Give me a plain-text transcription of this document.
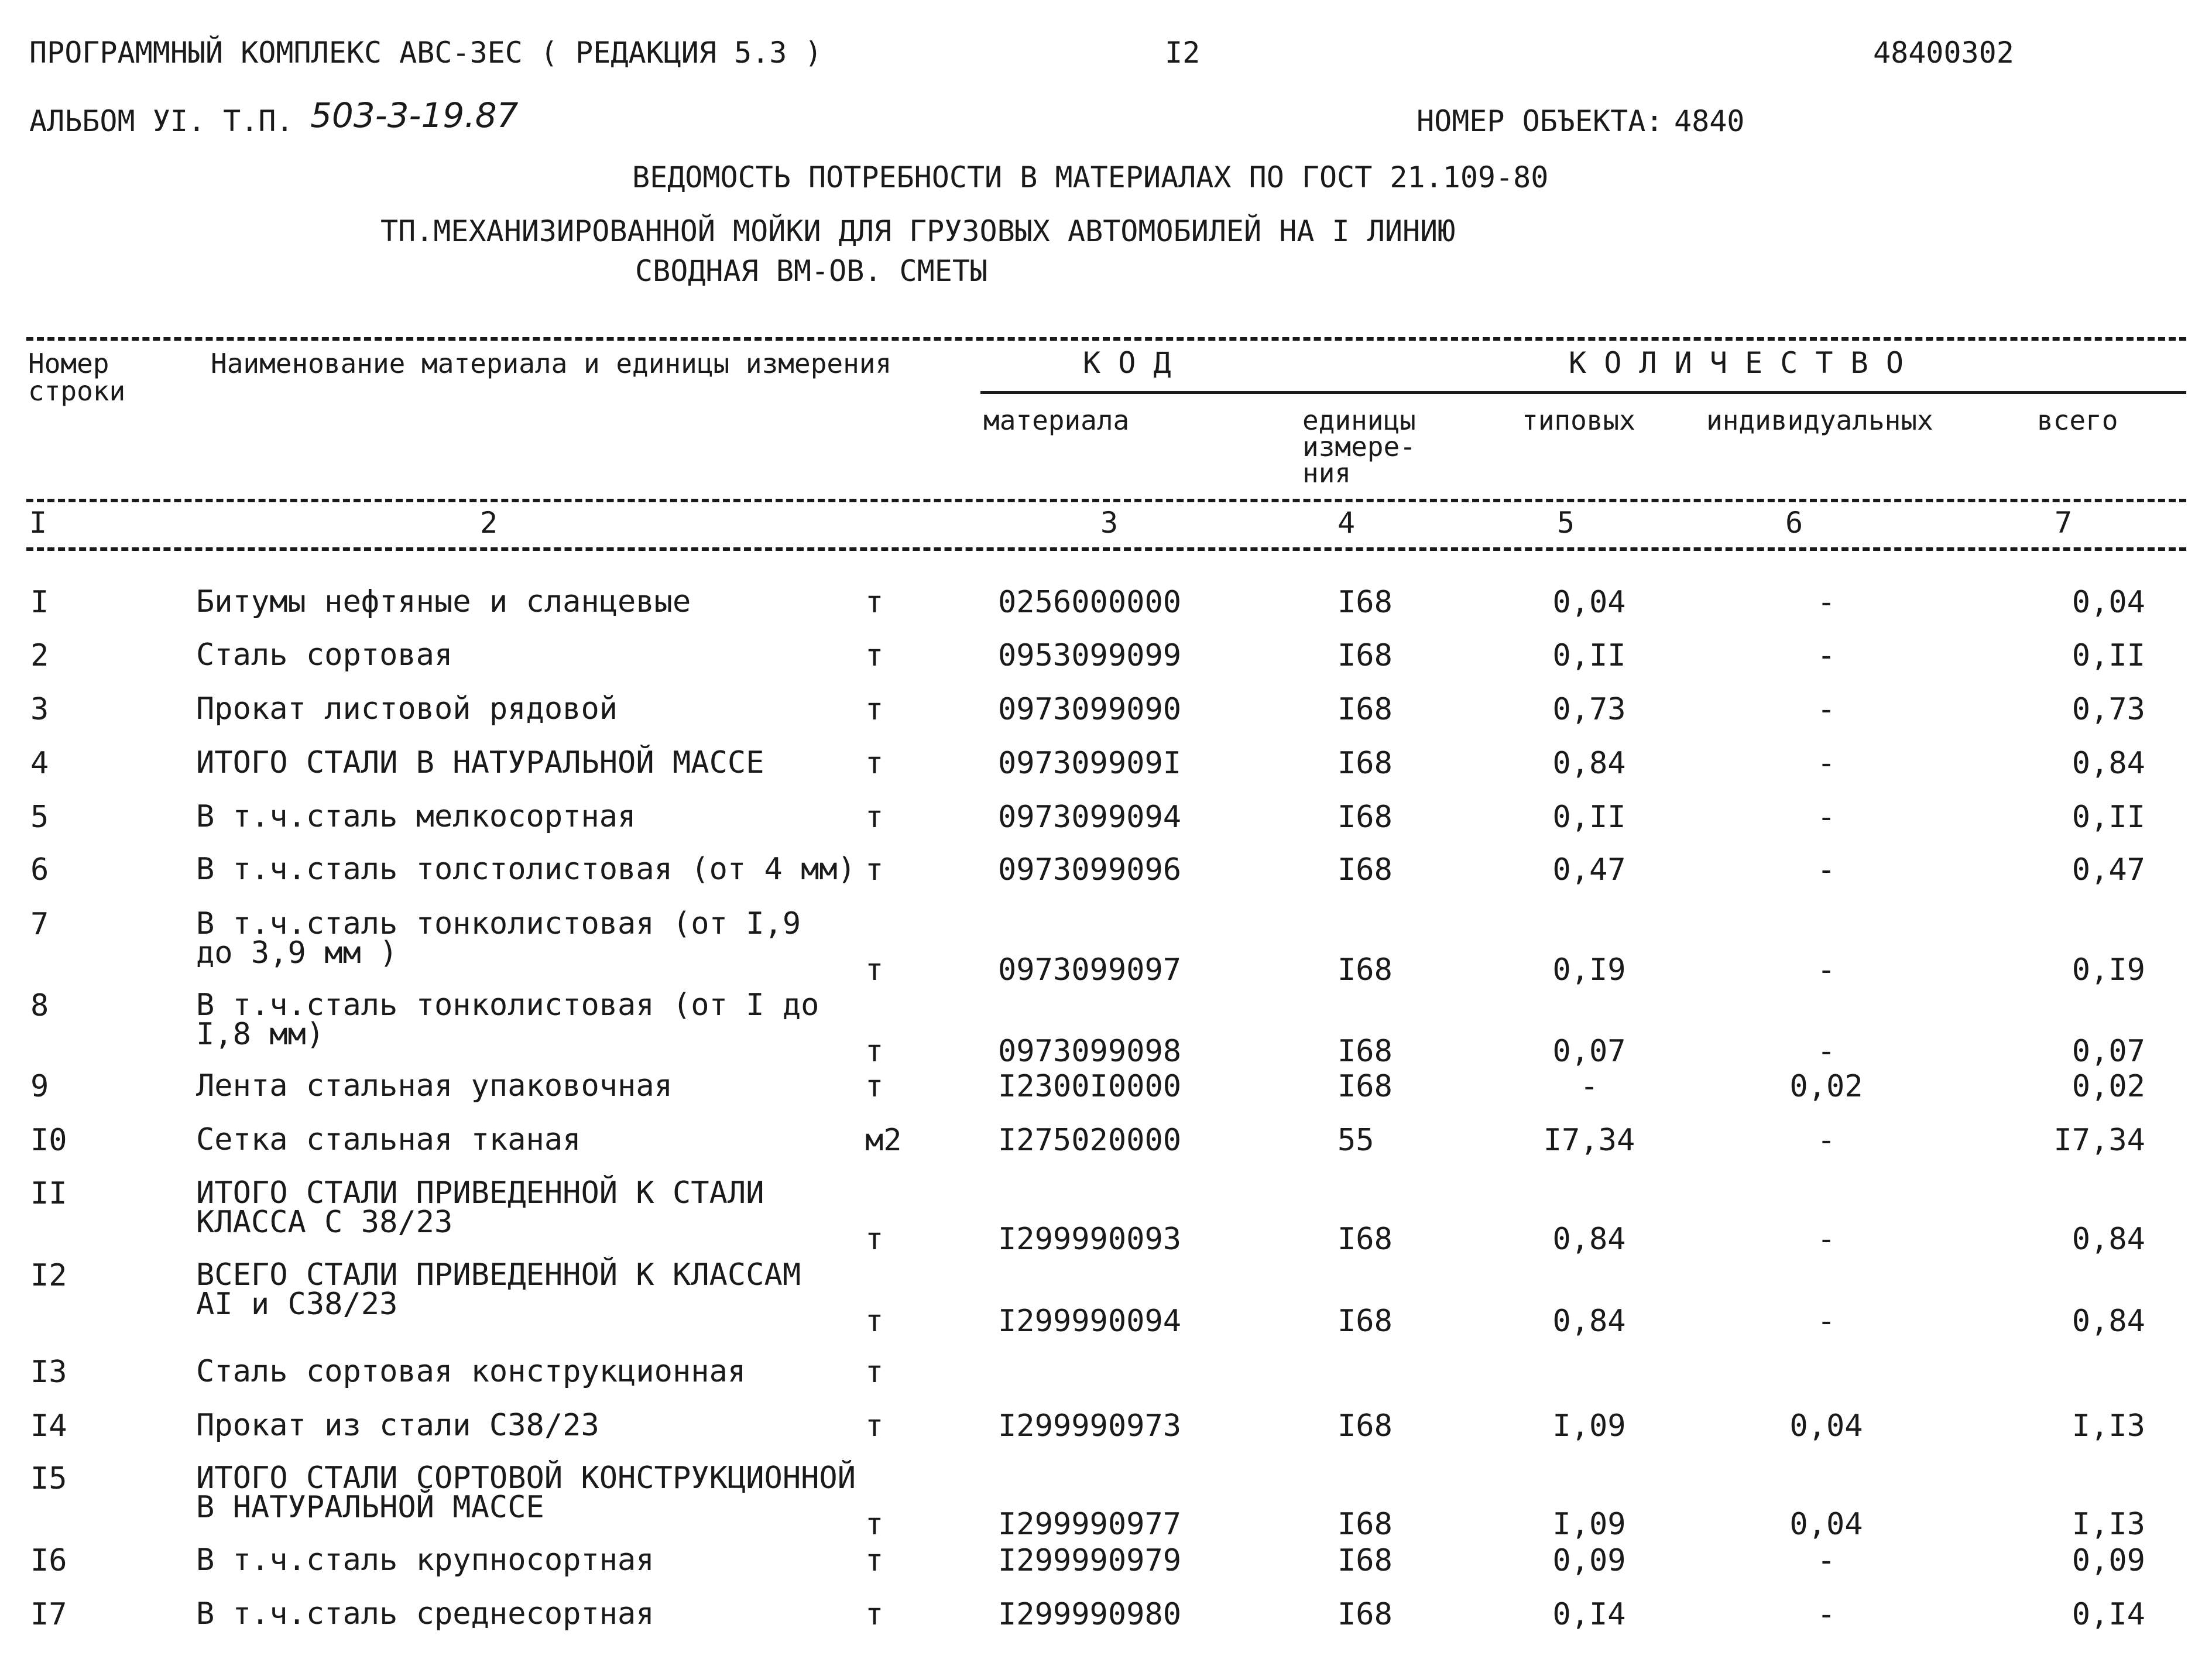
ПРОГРАММНЫЙ КОМПЛЕКС АВС-ЗЕС ( РЕДАКЦИЯ 5.3 )	I2	48400302
АЛЬБОМ УI. Т.П. 503-3-19.87	НОМЕР ОБЪЕКТА: 4840
ВЕДОМОСТЬ ПОТРЕБНОСТИ В МАТЕРИАЛАХ ПО ГОСТ 21.109-80
ТП.МЕХАНИЗИРОВАННОЙ МОЙКИ ДЛЯ ГРУЗОВЫХ АВТОМОБИЛЕЙ НА I ЛИНИЮ
СВОДНАЯ ВМ-ОВ. СМЕТЫ
Номер
строки
Наименование материала и единицы измерения	К О Д	К О Л И Ч Е С Т В О
материала	единицы
измере-
ния
типовых	индивидуальных	всего
I	2	3	4	5	6	7
I	Битумы нефтяные и сланцевые	т	0256000000	I68	0,04	-	0,04
2	Сталь сортовая	т	0953099099	I68	0,II	-	0,II
3	Прокат листовой рядовой	т	0973099090	I68	0,73	-	0,73
4	ИТОГО СТАЛИ В НАТУРАЛЬНОЙ МАССЕ	т	097309909I	I68	0,84	-	0,84
5	В т.ч.сталь мелкосортная	т	0973099094	I68	0,II	-	0,II
6	В т.ч.сталь толстолистовая (от 4 мм) т	0973099096	I68	0,47	-	0,47
7	В т.ч.сталь тонколистовая (от I,9
до 3,9 мм )	т	0973099097	I68	0,I9	-	0,I9
8	В т.ч.сталь тонколистовая (от I до
I,8 мм)	т	0973099098	I68	0,07	-	0,07
9	Лента стальная упаковочная	т	I2300I0000	I68	-	0,02	0,02
I0	Сетка стальная тканая	м2	I275020000	55	I7,34	-	I7,34
II	ИТОГО СТАЛИ ПРИВЕДЕННОЙ К СТАЛИ
КЛАССА С 38/23	т	I299990093	I68	0,84	-	0,84
I2	ВСЕГО СТАЛИ ПРИВЕДЕННОЙ К КЛАССАМ
АI и С38/23	т	I299990094	I68	0,84	-	0,84
I3	Сталь сортовая конструкционная	т
I4	Прокат из стали С38/23	т	I299990973	I68	I,09	0,04	I,I3
I5	ИТОГО СТАЛИ СОРТОВОЙ КОНСТРУКЦИОННОЙ
В НАТУРАЛЬНОЙ МАССЕ	т	I299990977	I68	I,09	0,04	I,I3
I6	В т.ч.сталь крупносортная	т	I299990979	I68	0,09	-	0,09
I7	В т.ч.сталь среднесортная	т	I299990980	I68	0,I4	-	0,I4
